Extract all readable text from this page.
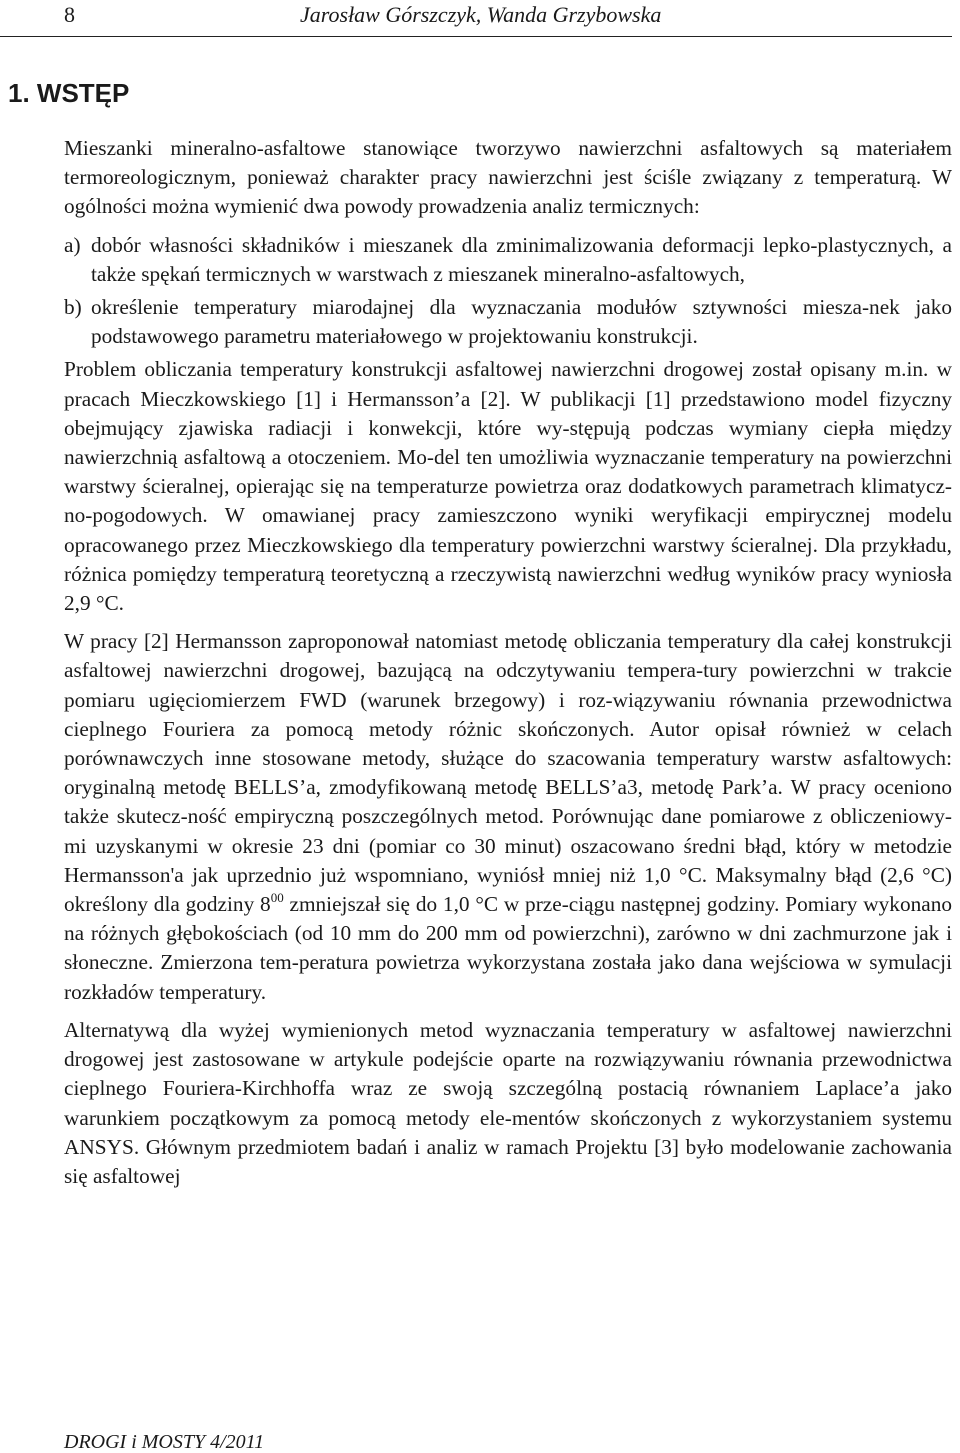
8	Jarosław Górszczyk, Wanda Grzybowska
1. WSTĘP

Mieszanki mineralno-asfaltowe stanowiące tworzywo nawierzchni asfaltowych są materiałem termoreologicznym, ponieważ charakter pracy nawierzchni jest ściśle związany z temperaturą. W ogólności można wymienić dwa powody prowadzenia analiz termicznych:

a) dobór własności składników i mieszanek dla zminimalizowania deformacji lepko-plastycznych, a także spękań termicznych w warstwach z mieszanek mineralno-asfaltowych,
b) określenie temperatury miarodajnej dla wyznaczania modułów sztywności miesza-nek jako podstawowego parametru materiałowego w projektowaniu konstrukcji.

Problem obliczania temperatury konstrukcji asfaltowej nawierzchni drogowej został opisany m.in. w pracach Mieczkowskiego [1] i Hermansson’a [2]. W publikacji [1] przedstawiono model fizyczny obejmujący zjawiska radiacji i konwekcji, które wy-stępują podczas wymiany ciepła między nawierzchnią asfaltową a otoczeniem. Mo-del ten umożliwia wyznaczanie temperatury na powierzchni warstwy ścieralnej, opierając się na temperaturze powietrza oraz dodatkowych parametrach klimatycz-no-pogodowych. W omawianej pracy zamieszczono wyniki weryfikacji empirycznej modelu opracowanego przez Mieczkowskiego dla temperatury powierzchni warstwy ścieralnej. Dla przykładu, różnica pomiędzy temperaturą teoretyczną a rzeczywistą nawierzchni według wyników pracy wyniosła 2,9 °C.

W pracy [2] Hermansson zaproponował natomiast metodę obliczania temperatury dla całej konstrukcji asfaltowej nawierzchni drogowej, bazującą na odczytywaniu tempera-tury powierzchni w trakcie pomiaru ugięciomierzem FWD (warunek brzegowy) i roz-wiązywaniu równania przewodnictwa cieplnego Fouriera za pomocą metody różnic skończonych. Autor opisał również w celach porównawczych inne stosowane metody, służące do szacowania temperatury warstw asfaltowych: oryginalną metodę BELLS’a, zmodyfikowaną metodę BELLS’a3, metodę Park’a. W pracy oceniono także skutecz-ność empiryczną poszczególnych metod. Porównując dane pomiarowe z obliczeniowy-mi uzyskanymi w okresie 23 dni (pomiar co 30 minut) oszacowano średni błąd, który w metodzie Hermansson'a jak uprzednio już wspomniano, wyniósł mniej niż 1,0 °C. Maksymalny błąd (2,6 °C) określony dla godziny $8^{00}$ zmniejszał się do 1,0 °C w prze-ciągu następnej godziny. Pomiary wykonano na różnych głębokościach (od 10 mm do 200 mm od powierzchni), zarówno w dni zachmurzone jak i słoneczne. Zmierzona tem-peratura powietrza wykorzystana została jako dana wejściowa w symulacji rozkładów temperatury.

Alternatywą dla wyżej wymienionych metod wyznaczania temperatury w asfaltowej nawierzchni drogowej jest zastosowane w artykule podejście oparte na rozwiązywaniu równania przewodnictwa cieplnego Fouriera-Kirchhoffa wraz ze swoją szczególną postacią równaniem Laplace’a jako warunkiem początkowym za pomocą metody ele-mentów skończonych z wykorzystaniem systemu ANSYS. Głównym przedmiotem badań i analiz w ramach Projektu [3] było modelowanie zachowania się asfaltowej

DROGI i MOSTY 4/2011
